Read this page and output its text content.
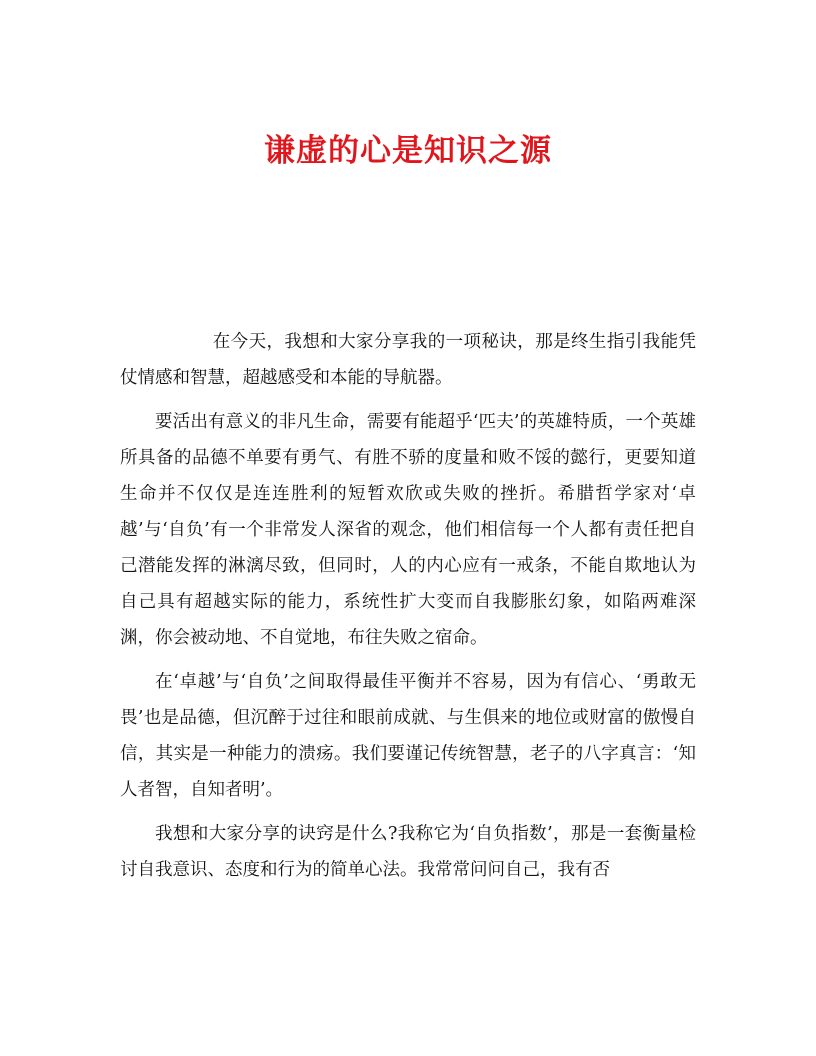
谦虚的心是知识之源

在今天，我想和大家分享我的一项秘诀，那是终生指引我能凭仗情感和智慧，超越感受和本能的导航器。

要活出有意义的非凡生命，需要有能超乎‘匹夫’的英雄特质，一个英雄所具备的品德不单要有勇气、有胜不骄的度量和败不馁的懿行，更要知道生命并不仅仅是连连胜利的短暂欢欣或失败的挫折。希腊哲学家对‘卓越’与‘自负’有一个非常发人深省的观念，他们相信每一个人都有责任把自己潜能发挥的淋漓尽致，但同时，人的内心应有一戒条，不能自欺地认为自己具有超越实际的能力，系统性扩大变而自我膨胀幻象，如陷两难深渊，你会被动地、不自觉地，布往失败之宿命。

在‘卓越’与‘自负’之间取得最佳平衡并不容易，因为有信心、‘勇敢无畏’也是品德，但沉醉于过往和眼前成就、与生俱来的地位或财富的傲慢自信，其实是一种能力的溃疡。我们要谨记传统智慧，老子的八字真言：‘知人者智，自知者明’。

我想和大家分享的诀窍是什么?我称它为‘自负指数’，那是一套衡量检讨自我意识、态度和行为的简单心法。我常常问问自己，我有否
